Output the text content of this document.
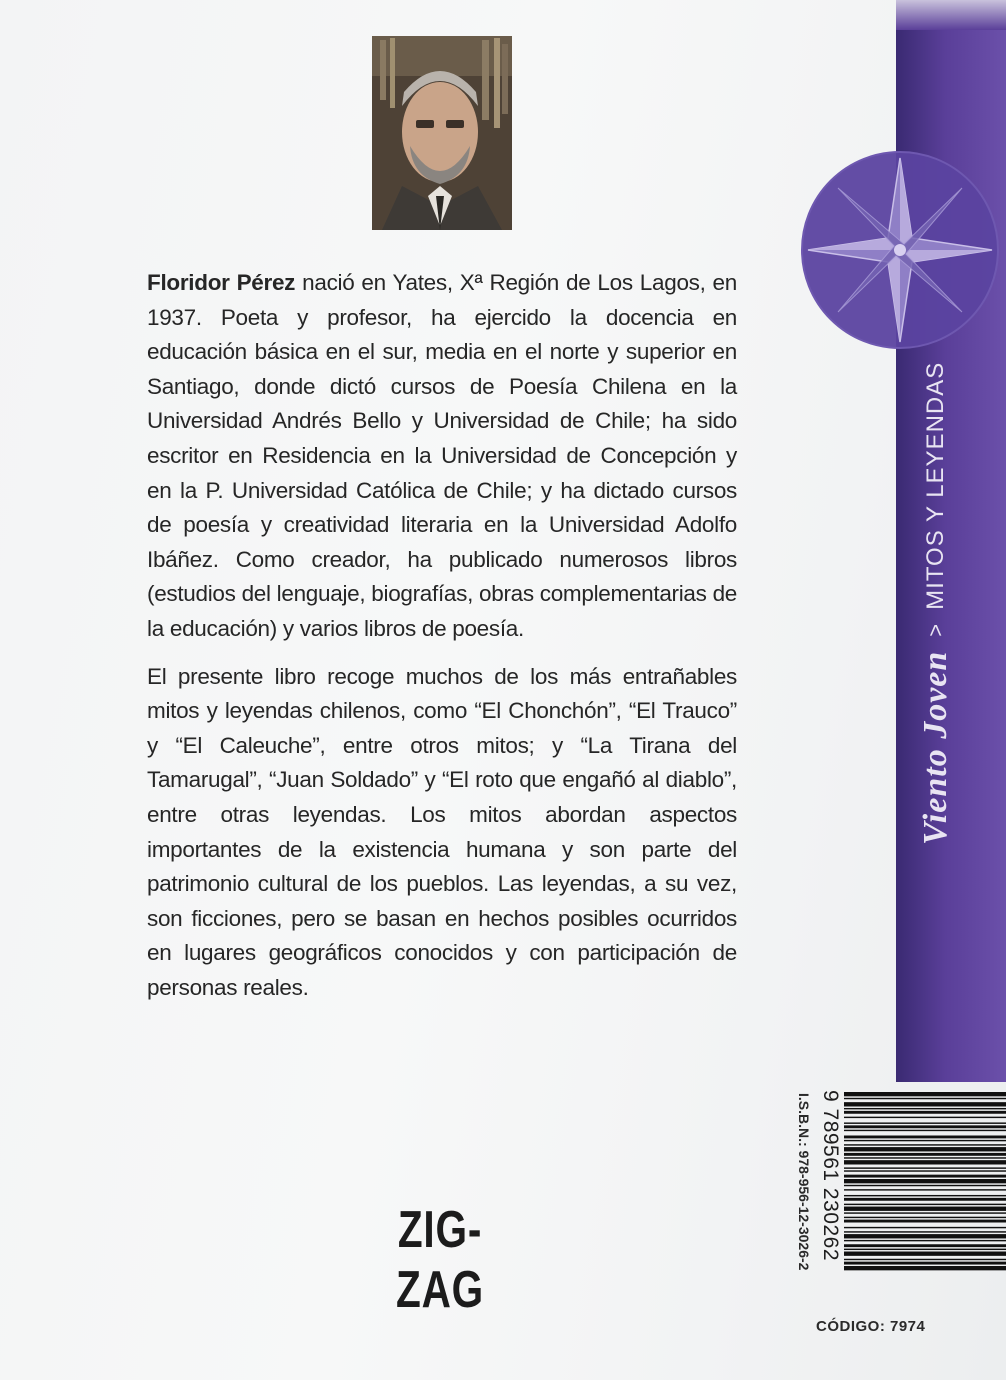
Floridor Pérez nació en Yates, Xª Región de Los Lagos, en 1937. Poeta y profesor, ha ejercido la docencia en educación básica en el sur, media en el norte y superior en Santiago, donde dictó cursos de Poesía Chilena en la Universidad Andrés Bello y Universidad de Chile; ha sido escritor en Residencia en la Universidad de Concepción y en la P. Universidad Católica de Chile; y ha dictado cursos de poesía y creatividad literaria en la Universidad Adolfo Ibáñez. Como creador, ha publicado numerosos libros (estudios del lenguaje, biografías, obras complementarias de la educación) y varios libros de poesía.

El presente libro recoge muchos de los más entrañables mitos y leyendas chilenos, como “El Chonchón”, “El Trauco” y “El Caleuche”, entre otros mitos; y “La Tirana del Tamarugal”, “Juan Soldado” y “El roto que engañó al diablo”, entre otras leyendas. Los mitos abordan aspectos importantes de la existencia humana y son parte del patrimonio cultural de los pueblos. Las leyendas, a su vez, son ficciones, pero se basan en hechos posibles ocurridos en lugares geográficos conocidos y con participación de personas reales.

ZIG-ZAG
Viento Joven
>
MITOS Y LEYENDAS
I.S.B.N.: 978-956-12-3026-2 9 789561 230262
CÓDIGO: 7974
